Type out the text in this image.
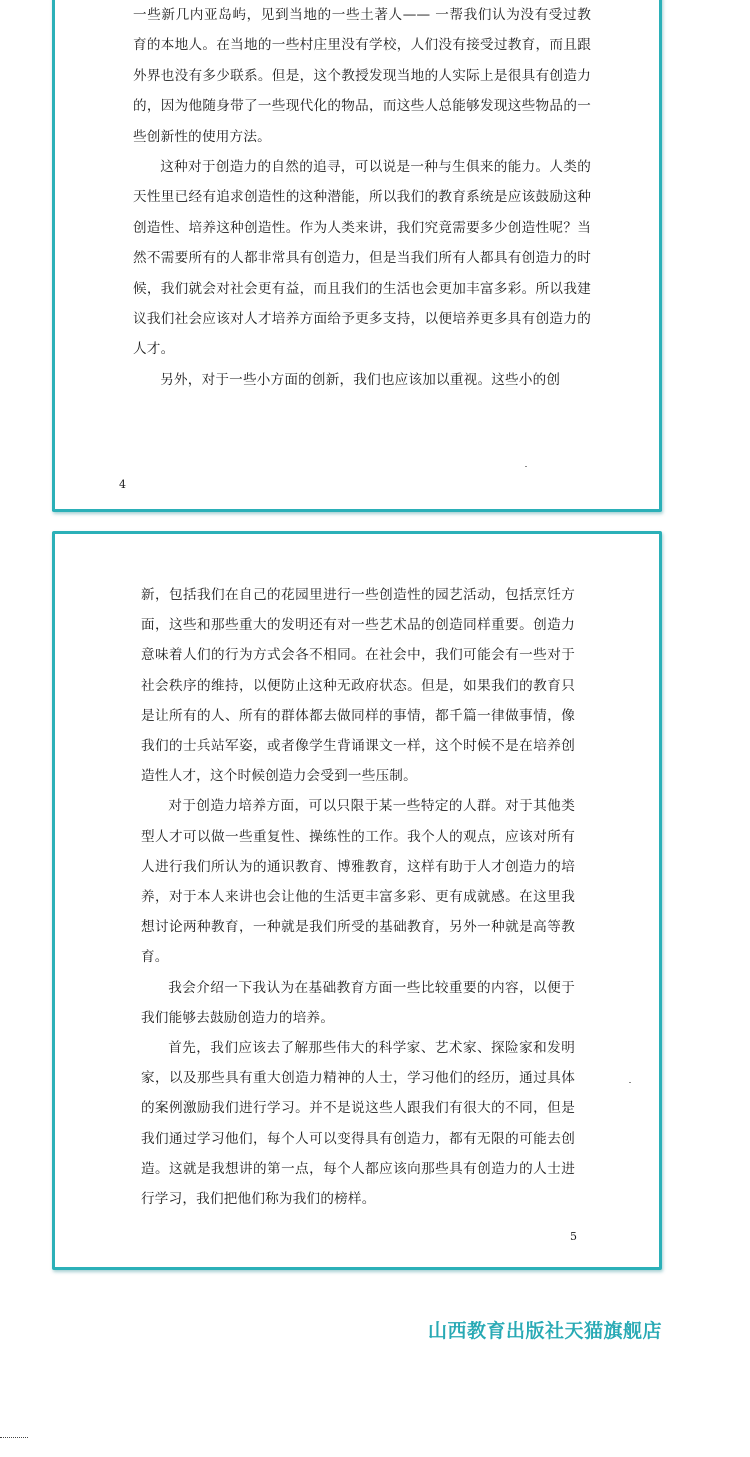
一些新几内亚岛屿，见到当地的一些土著人—— 一帮我们认为没有受过教育的本地人。在当地的一些村庄里没有学校，人们没有接受过教育，而且跟外界也没有多少联系。但是，这个教授发现当地的人实际上是很具有创造力的，因为他随身带了一些现代化的物品，而这些人总能够发现这些物品的一些创新性的使用方法。

这种对于创造力的自然的追寻，可以说是一种与生俱来的能力。人类的天性里已经有追求创造性的这种潜能，所以我们的教育系统是应该鼓励这种创造性、培养这种创造性。作为人类来讲，我们究竟需要多少创造性呢？当然不需要所有的人都非常具有创造力，但是当我们所有人都具有创造力的时候，我们就会对社会更有益，而且我们的生活也会更加丰富多彩。所以我建议我们社会应该对人才培养方面给予更多支持，以便培养更多具有创造力的人才。

另外，对于一些小方面的创新，我们也应该加以重视。这些小的创

4

新，包括我们在自己的花园里进行一些创造性的园艺活动，包括烹饪方面，这些和那些重大的发明还有对一些艺术品的创造同样重要。创造力意味着人们的行为方式会各不相同。在社会中，我们可能会有一些对于社会秩序的维持，以便防止这种无政府状态。但是，如果我们的教育只是让所有的人、所有的群体都去做同样的事情，都千篇一律做事情，像我们的士兵站军姿，或者像学生背诵课文一样，这个时候不是在培养创造性人才，这个时候创造力会受到一些压制。

对于创造力培养方面，可以只限于某一些特定的人群。对于其他类型人才可以做一些重复性、操练性的工作。我个人的观点，应该对所有人进行我们所认为的通识教育、博雅教育，这样有助于人才创造力的培养，对于本人来讲也会让他的生活更丰富多彩、更有成就感。在这里我想讨论两种教育，一种就是我们所受的基础教育，另外一种就是高等教育。

我会介绍一下我认为在基础教育方面一些比较重要的内容，以便于我们能够去鼓励创造力的培养。

首先，我们应该去了解那些伟大的科学家、艺术家、探险家和发明家，以及那些具有重大创造力精神的人士，学习他们的经历，通过具体的案例激励我们进行学习。并不是说这些人跟我们有很大的不同，但是我们通过学习他们，每个人可以变得具有创造力，都有无限的可能去创造。这就是我想讲的第一点，每个人都应该向那些具有创造力的人士进行学习，我们把他们称为我们的榜样。

5
山西教育出版社天猫旗舰店
